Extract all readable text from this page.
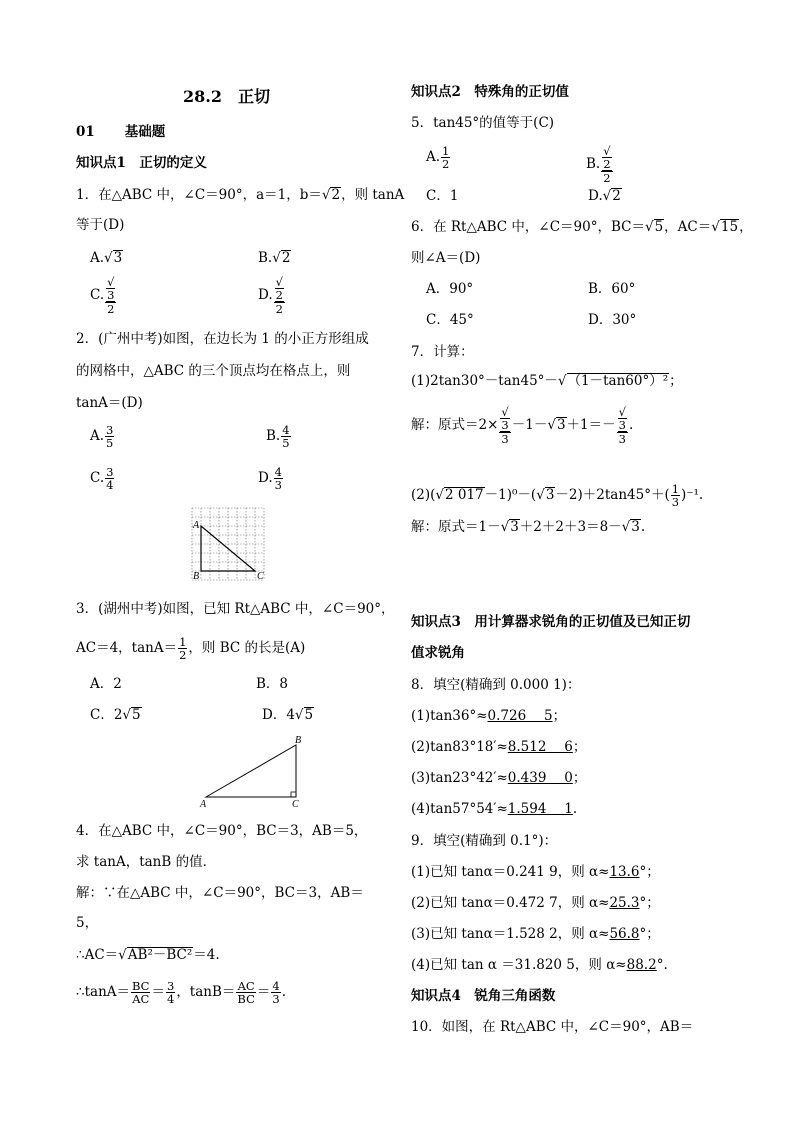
28.2　正切
01 基础题
知识点1　正切的定义
1．在△ABC 中，∠C＝90°，a＝1，b＝√2，则 tanA
等于(D)
A.√3	B.√2
C. √
3
2	D. √
2
2
2．(广州中考)如图，在边长为 1 的小正方形组成
的网格中，△ABC 的三个顶点均在格点上，则
tanA＝(D)
A. $\frac{3}{5}$	B. $\frac{4}{5}$
C. $\frac{3}{4}$	D. $\frac{4}{3}$
A
B	C
3．(湖州中考)如图，已知 Rt△ABC 中，∠C＝90°，
AC＝4，$\tan A= \frac{1}{2}$ ，则 BC 的长是(A)
A．2	B．8
C．2√5	D．4√5
A
B
C
4．在△ABC 中，∠C＝90°，BC＝3，AB＝5，
求 tanA，tanB 的值．
解：∵在△ABC 中，∠C＝90°，BC＝3，AB＝
5，
∴AC＝√AB²－BC²＝4.
∴tanA＝ $\frac{BC}{AC} = \frac{3}{4}$ ，$\tan B= \frac{AC}{BC} = \frac{4}{3}$ .
知识点2　特殊角的正切值
5．tan45°的值等于(C)
A. $\frac{1}{2}$	B. √
2
2
C．1	D.√2
6．在 Rt△ABC 中，∠C＝90°，BC＝√5，AC＝√15，
则∠A＝(D)
A．90°	B．60°
C．45°	D．30°
7．计算：
(1)2tan30°－tan45°－√（1－tan60°）²；
解：原式＝2× √
3
3 －1－√3＋1＝－ √
3
3 .
(2)(√2 $017-1)^0-(√3-2)+2\tan 45^\circ+( \frac{1}{3} )^{-1}$.
解：原式＝1－√3＋2＋2＋3＝8－√3.
知识点3　用计算器求锐角的正切值及已知正切
值求锐角
8．填空(精确到 0.000 1)：
(1)tan36°≈0.726　 5；
(2)tan83°18′≈8.512　 6；
(3)tan23°42′≈0.439　 0；
(4)tan57°54′≈1.594　 1.
9．填空(精确到 0.1°)：
(1)已知 tanα＝0.241 9，则 α≈13.6°；
(2)已知 tanα＝0.472 7，则 α≈25.3°；
(3)已知 tanα＝1.528 2，则 α≈56.8°；
(4)已知 tan α ＝31.820 5，则 α≈88.2°.
知识点4　锐角三角函数
10．如图，在 Rt△ABC 中，∠C＝90°，AB＝
